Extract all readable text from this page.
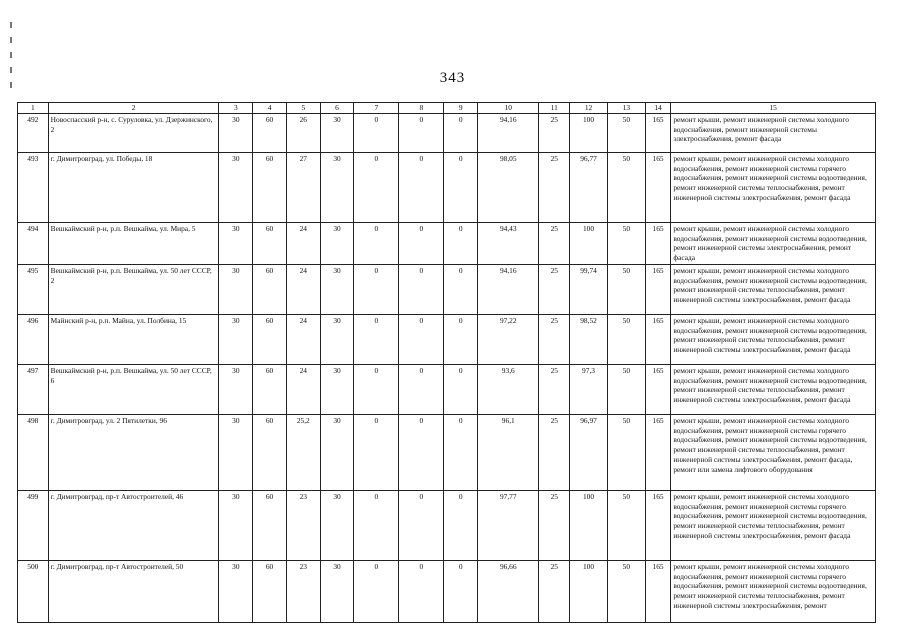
343
1	2	3	4	5	6	7	8	9	10	11	12	13	14	15
492	Новоспасский р-н, с. Суруловка, ул. Дзержинского, 2	30	60	26	30	0	0	0	94,16	25	100	50	165	ремонт крыши, ремонт инженерной системы холодного водоснабжения, ремонт инженерной системы электроснабжения, ремонт фасада
493	г. Димитровград, ул. Победы, 18	30	60	27	30	0	0	0	98,05	25	96,77	50	165	ремонт крыши, ремонт инженерной системы холодного водоснабжения, ремонт инженерной системы горячего водоснабжения, ремонт инженерной системы водоотведения, ремонт инженерной системы теплоснабжения, ремонт инженерной системы электроснабжения, ремонт фасада
494	Вешкаймский р-н, р.п. Вешкайма, ул. Мира, 5	30	60	24	30	0	0	0	94,43	25	100	50	165	ремонт крыши, ремонт инженерной системы холодного водоснабжения, ремонт инженерной системы водоотведения, ремонт инженерной системы электроснабжения, ремонт фасада
495	Вешкаймский р-н, р.п. Вешкайма, ул. 50 лет СССР, 2	30	60	24	30	0	0	0	94,16	25	99,74	50	165	ремонт крыши, ремонт инженерной системы холодного водоснабжения, ремонт инженерной системы водоотведения, ремонт инженерной системы теплоснабжения, ремонт инженерной системы электроснабжения, ремонт фасада
496	Майнский р-н, р.п. Майна, ул. Полбина, 15	30	60	24	30	0	0	0	97,22	25	98,52	50	165	ремонт крыши, ремонт инженерной системы холодного водоснабжения, ремонт инженерной системы водоотведения, ремонт инженерной системы теплоснабжения, ремонт инженерной системы электроснабжения, ремонт фасада
497	Вешкаймский р-н, р.п. Вешкайма, ул. 50 лет СССР, 6	30	60	24	30	0	0	0	93,6	25	97,3	50	165	ремонт крыши, ремонт инженерной системы холодного водоснабжения, ремонт инженерной системы водоотведения, ремонт инженерной системы теплоснабжения, ремонт инженерной системы электроснабжения, ремонт фасада
498	г. Димитровград, ул. 2 Пятилетки, 96	30	60	25,2	30	0	0	0	96,1	25	96,97	50	165	ремонт крыши, ремонт инженерной системы холодного водоснабжения, ремонт инженерной системы горячего водоснабжения, ремонт инженерной системы водоотведения, ремонт инженерной системы теплоснабжения, ремонт инженерной системы электроснабжения, ремонт фасада, ремонт или замена лифтового оборудования
499	г. Димитровград, пр-т Автостроителей, 46	30	60	23	30	0	0	0	97,77	25	100	50	165	ремонт крыши, ремонт инженерной системы холодного водоснабжения, ремонт инженерной системы горячего водоснабжения, ремонт инженерной системы водоотведения, ремонт инженерной системы теплоснабжения, ремонт инженерной системы электроснабжения, ремонт фасада
500	г. Димитровград, пр-т Автостроителей, 50	30	60	23	30	0	0	0	96,66	25	100	50	165	ремонт крыши, ремонт инженерной системы холодного водоснабжения, ремонт инженерной системы горячего водоснабжения, ремонт инженерной системы водоотведения, ремонт инженерной системы теплоснабжения, ремонт инженерной системы электроснабжения, ремонт
